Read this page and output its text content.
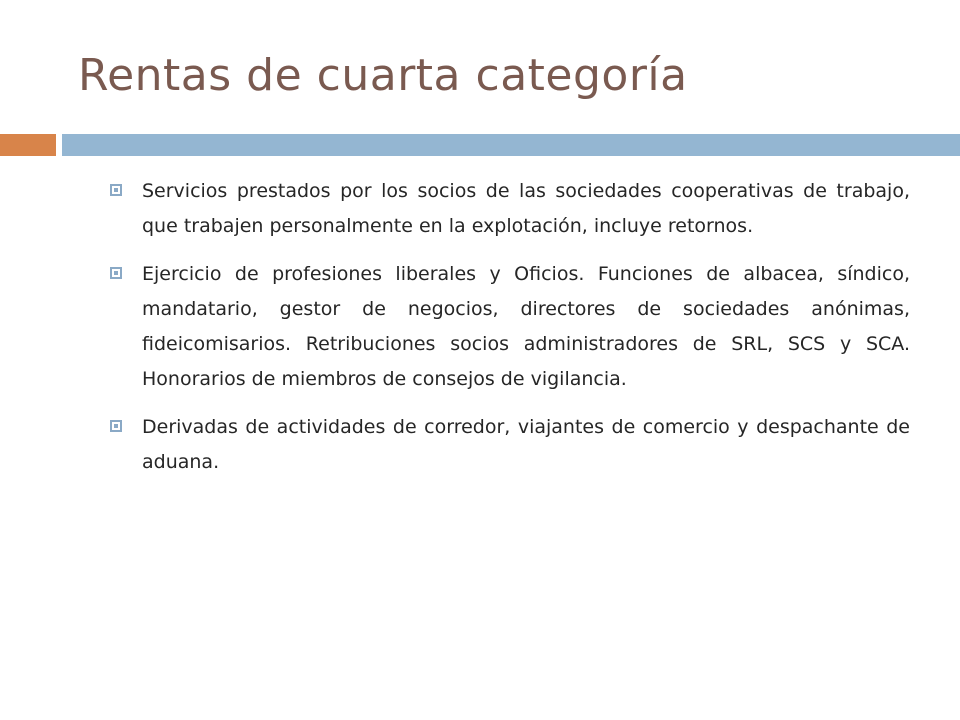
Rentas de cuarta categoría
Servicios prestados por los socios de las sociedades cooperativas de trabajo, que trabajen personalmente en la explotación, incluye retornos.
Ejercicio de profesiones liberales y Oficios. Funciones de albacea, síndico, mandatario, gestor de negocios, directores de sociedades anónimas, fideicomisarios. Retribuciones socios administradores de SRL, SCS y SCA. Honorarios de miembros de consejos de vigilancia.
Derivadas de actividades de corredor, viajantes de comercio y despachante de aduana.
